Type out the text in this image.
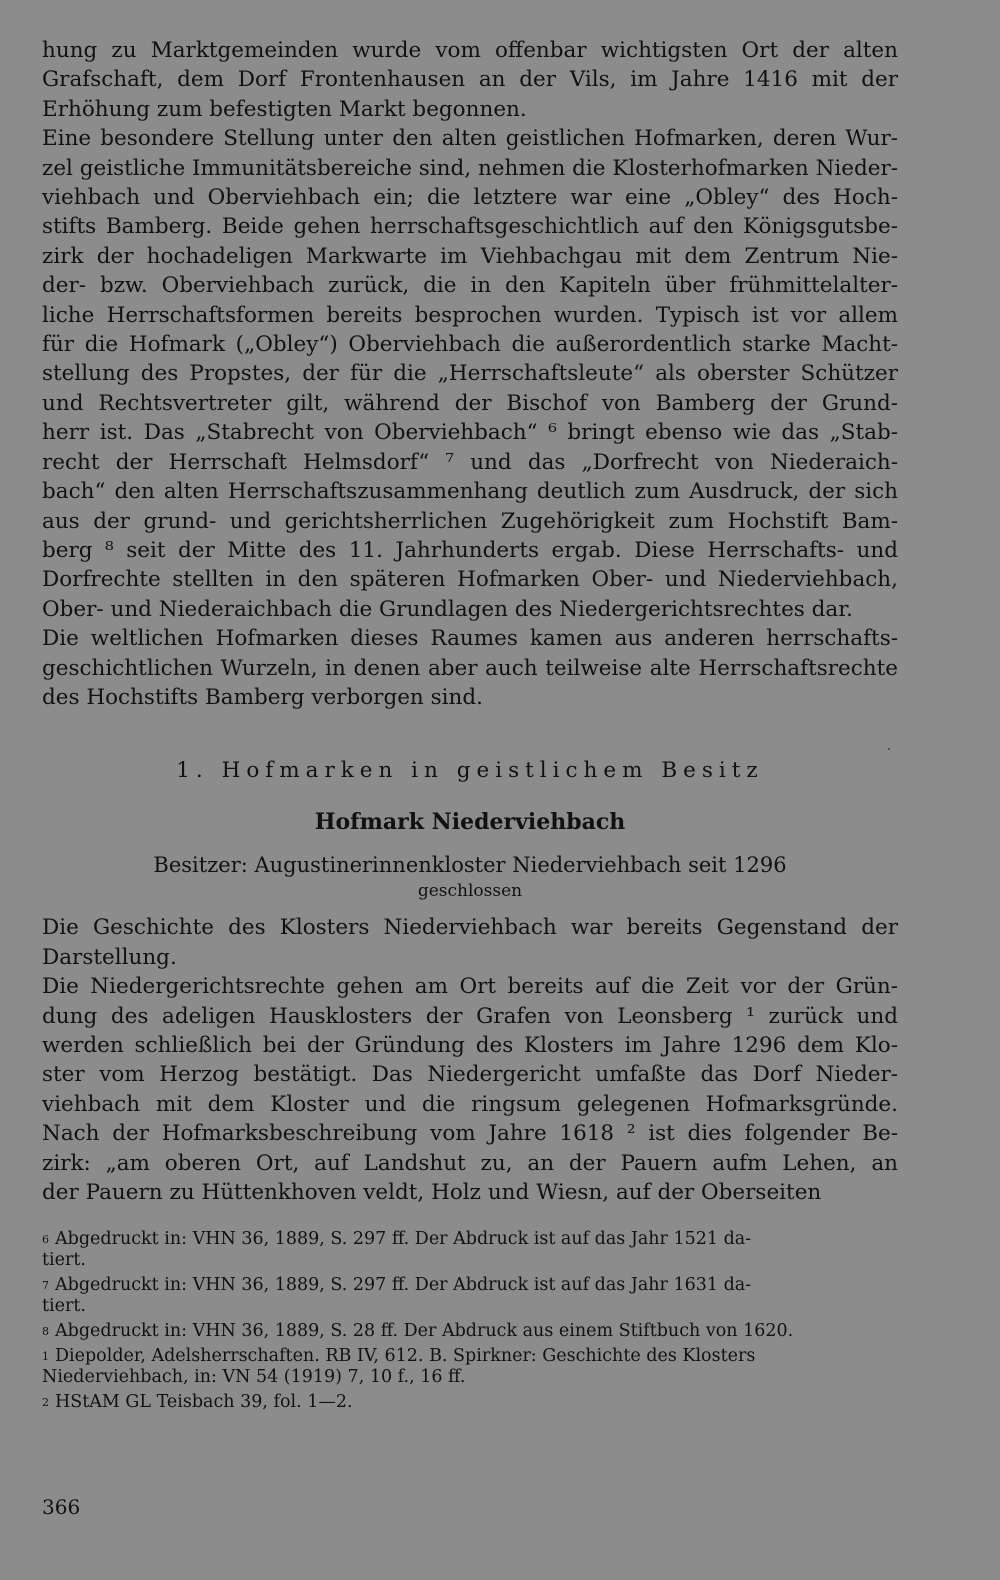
hung zu Marktgemeinden wurde vom offenbar wichtigsten Ort der alten
Grafschaft, dem Dorf Frontenhausen an der Vils, im Jahre 1416 mit der
Erhöhung zum befestigten Markt begonnen.

Eine besondere Stellung unter den alten geistlichen Hofmarken, deren Wur-
zel geistliche Immunitätsbereiche sind, nehmen die Klosterhofmarken Nieder-
viehbach und Oberviehbach ein; die letztere war eine „Obley“ des Hoch-
stifts Bamberg. Beide gehen herrschaftsgeschichtlich auf den Königsgutsbe-
zirk der hochadeligen Markwarte im Viehbachgau mit dem Zentrum Nie-
der- bzw. Oberviehbach zurück, die in den Kapiteln über frühmittelalter-
liche Herrschaftsformen bereits besprochen wurden. Typisch ist vor allem
für die Hofmark („Obley“) Oberviehbach die außerordentlich starke Macht-
stellung des Propstes, der für die „Herrschaftsleute“ als oberster Schützer
und Rechtsvertreter gilt, während der Bischof von Bamberg der Grund-
herr ist. Das „Stabrecht von Oberviehbach“ ⁶ bringt ebenso wie das „Stab-
recht der Herrschaft Helmsdorf“ ⁷ und das „Dorfrecht von Niederaich-
bach“ den alten Herrschaftszusammenhang deutlich zum Ausdruck, der sich
aus der grund- und gerichtsherrlichen Zugehörigkeit zum Hochstift Bam-
berg ⁸ seit der Mitte des 11. Jahrhunderts ergab. Diese Herrschafts- und
Dorfrechte stellten in den späteren Hofmarken Ober- und Niederviehbach,
Ober- und Niederaichbach die Grundlagen des Niedergerichtsrechtes dar.

Die weltlichen Hofmarken dieses Raumes kamen aus anderen herrschafts-
geschichtlichen Wurzeln, in denen aber auch teilweise alte Herrschaftsrechte
des Hochstifts Bamberg verborgen sind.

1. Hofmarken in geistlichem Besitz
Hofmark Niederviehbach
Besitzer: Augustinerinnenkloster Niederviehbach seit 1296
geschlossen

Die Geschichte des Klosters Niederviehbach war bereits Gegenstand der
Darstellung.

Die Niedergerichtsrechte gehen am Ort bereits auf die Zeit vor der Grün-
dung des adeligen Hausklosters der Grafen von Leonsberg ¹ zurück und
werden schließlich bei der Gründung des Klosters im Jahre 1296 dem Klo-
ster vom Herzog bestätigt. Das Niedergericht umfaßte das Dorf Nieder-
viehbach mit dem Kloster und die ringsum gelegenen Hofmarksgründe.
Nach der Hofmarksbeschreibung vom Jahre 1618 ² ist dies folgender Be-
zirk: „am oberen Ort, auf Landshut zu, an der Pauern aufm Lehen, an
der Pauern zu Hüttenkhoven veldt, Holz und Wiesn, auf der Oberseiten

$^6$ Abgedruckt in: VHN 36, 1889, S. 297 ff. Der Abdruck ist auf das Jahr 1521 da-
tiert.
$^7$ Abgedruckt in: VHN 36, 1889, S. 297 ff. Der Abdruck ist auf das Jahr 1631 da-
tiert.
$^8$ Abgedruckt in: VHN 36, 1889, S. 28 ff. Der Abdruck aus einem Stiftbuch von 1620.
$^1$ Diepolder, Adelsherrschaften. RB IV, 612. B. Spirkner: Geschichte des Klosters
Niederviehbach, in: VN 54 (1919) 7, 10 f., 16 ff.
$^2$ HStAM GL Teisbach 39, fol. 1—2.
366
